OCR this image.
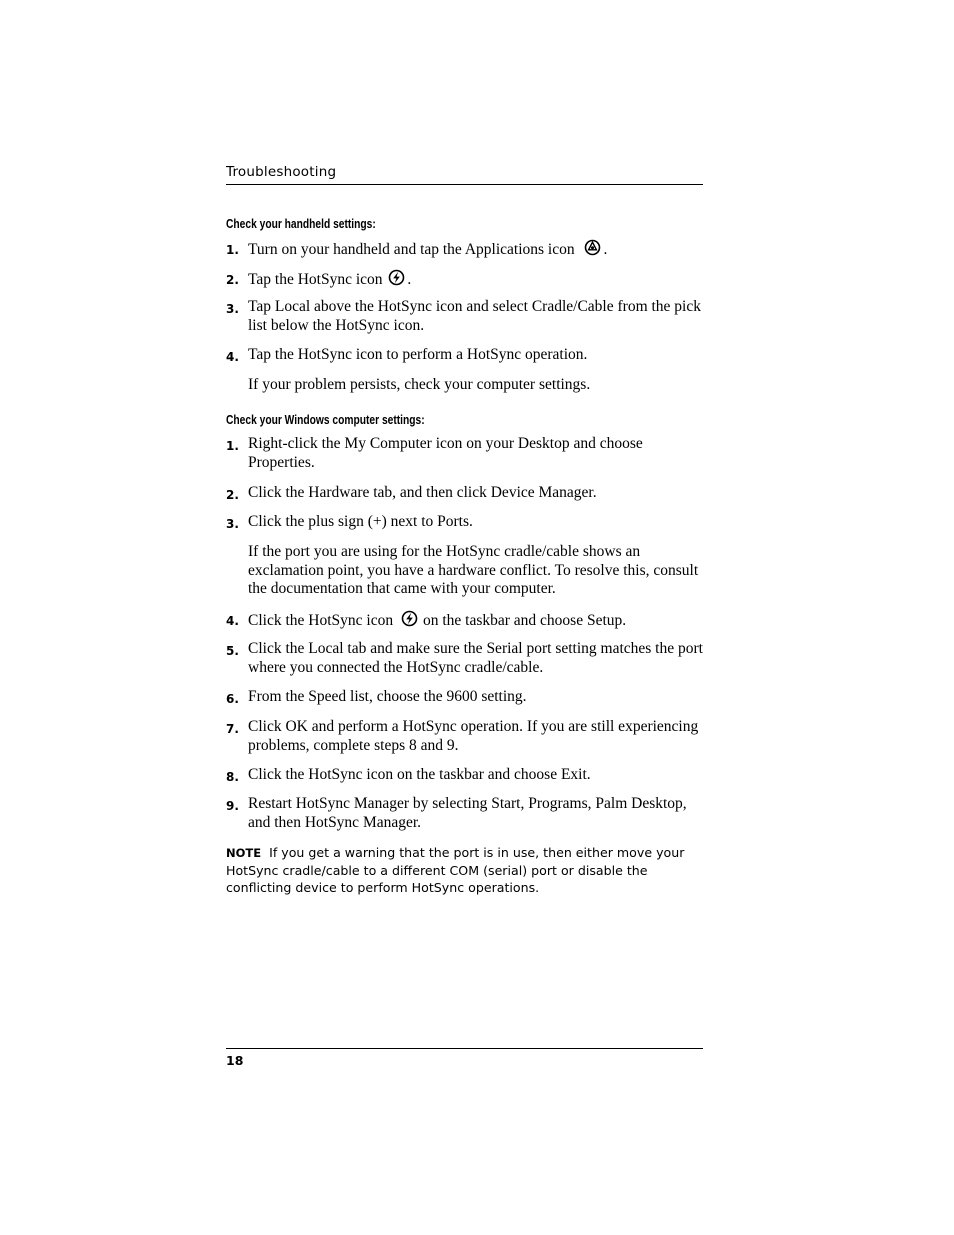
Troubleshooting
Check your handheld settings:
1. Turn on your handheld and tap the Applications icon .
2. Tap the HotSync icon .
3. Tap Local above the HotSync icon and select Cradle/Cable from the pick list below the HotSync icon.
4. Tap the HotSync icon to perform a HotSync operation.
If your problem persists, check your computer settings.
Check your Windows computer settings:
1. Right-click the My Computer icon on your Desktop and choose Properties.
2. Click the Hardware tab, and then click Device Manager.
3. Click the plus sign (+) next to Ports.
If the port you are using for the HotSync cradle/cable shows an exclamation point, you have a hardware conflict. To resolve this, consult the documentation that came with your computer.
4. Click the HotSync icon on the taskbar and choose Setup.
5. Click the Local tab and make sure the Serial port setting matches the port where you connected the HotSync cradle/cable.
6. From the Speed list, choose the 9600 setting.
7. Click OK and perform a HotSync operation. If you are still experiencing problems, complete steps 8 and 9.
8. Click the HotSync icon on the taskbar and choose Exit.
9. Restart HotSync Manager by selecting Start, Programs, Palm Desktop, and then HotSync Manager.
NOTE If you get a warning that the port is in use, then either move your HotSync cradle/cable to a different COM (serial) port or disable the conflicting device to perform HotSync operations.
18
